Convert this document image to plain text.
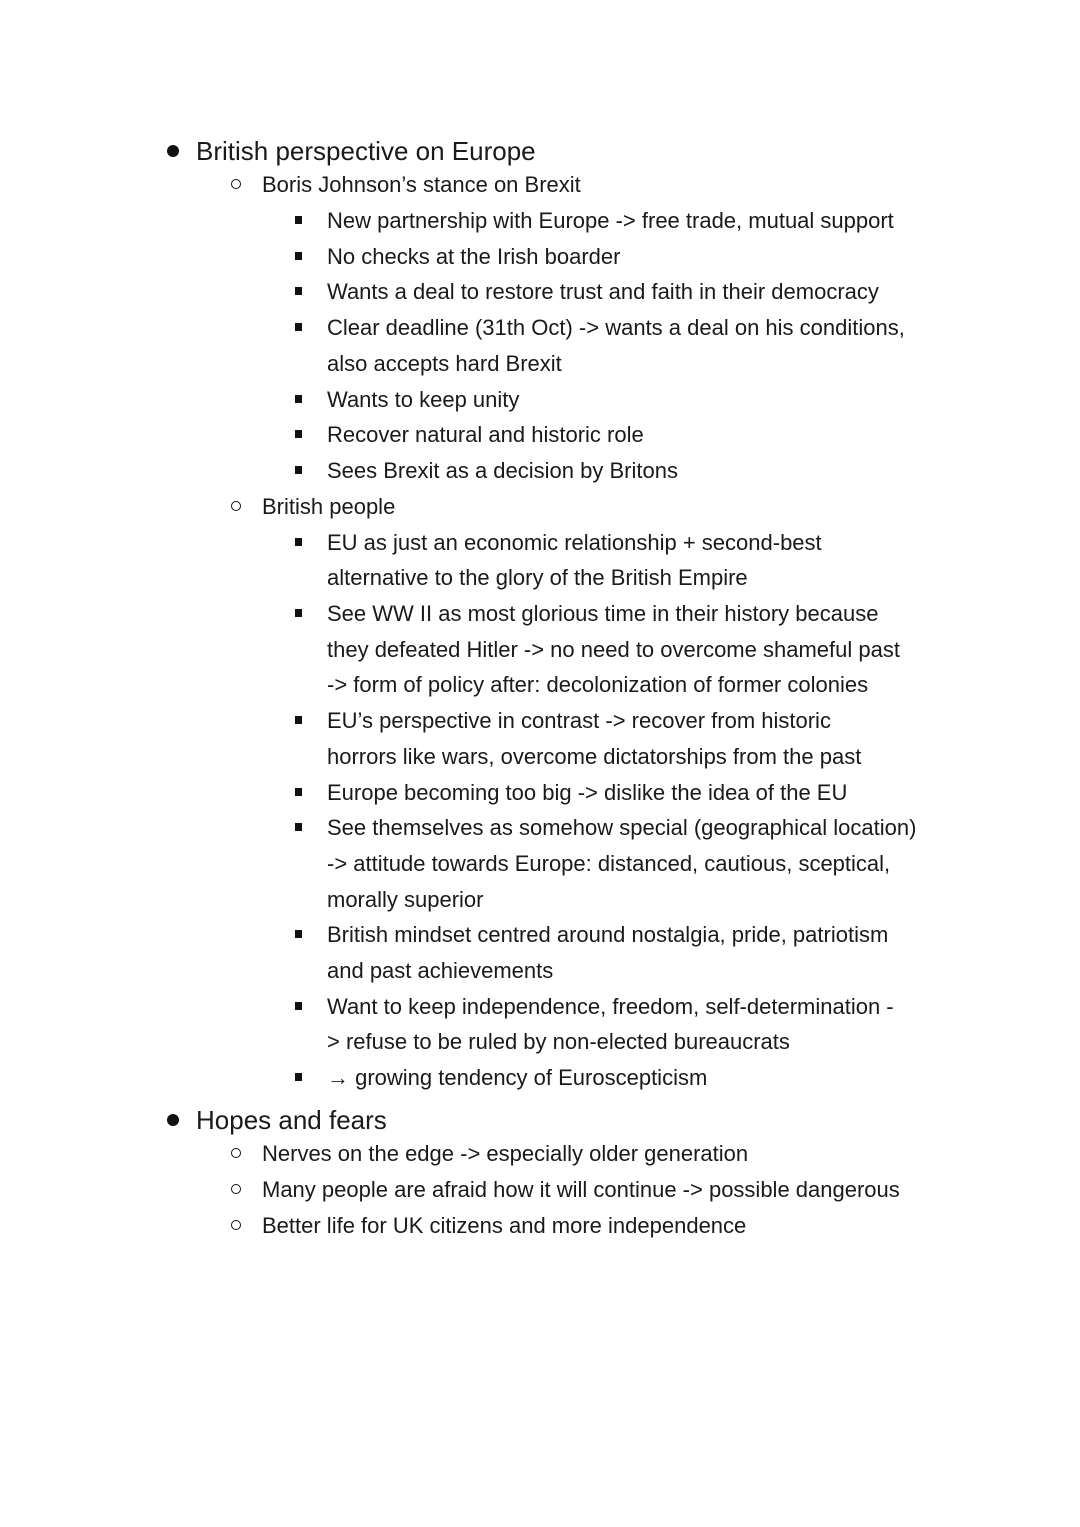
British perspective on Europe
Boris Johnson’s stance on Brexit
New partnership with Europe -> free trade, mutual support
No checks at the Irish boarder
Wants a deal to restore trust and faith in their democracy
Clear deadline (31th Oct) -> wants a deal on his conditions,
also accepts hard Brexit
Wants to keep unity
Recover natural and historic role
Sees Brexit as a decision by Britons
British people
EU as just an economic relationship + second-best
alternative to the glory of the British Empire
See WW II as most glorious time in their history because
they defeated Hitler -> no need to overcome shameful past
-> form of policy after: decolonization of former colonies
EU’s perspective in contrast -> recover from historic
horrors like wars, overcome dictatorships from the past
Europe becoming too big -> dislike the idea of the EU
See themselves as somehow special (geographical location)
-> attitude towards Europe: distanced, cautious, sceptical,
morally superior
British mindset centred around nostalgia, pride, patriotism
and past achievements
Want to keep independence, freedom, self-determination -
> refuse to be ruled by non-elected bureaucrats
→ growing tendency of Euroscepticism
Hopes and fears
Nerves on the edge -> especially older generation
Many people are afraid how it will continue -> possible dangerous
Better life for UK citizens and more independence
